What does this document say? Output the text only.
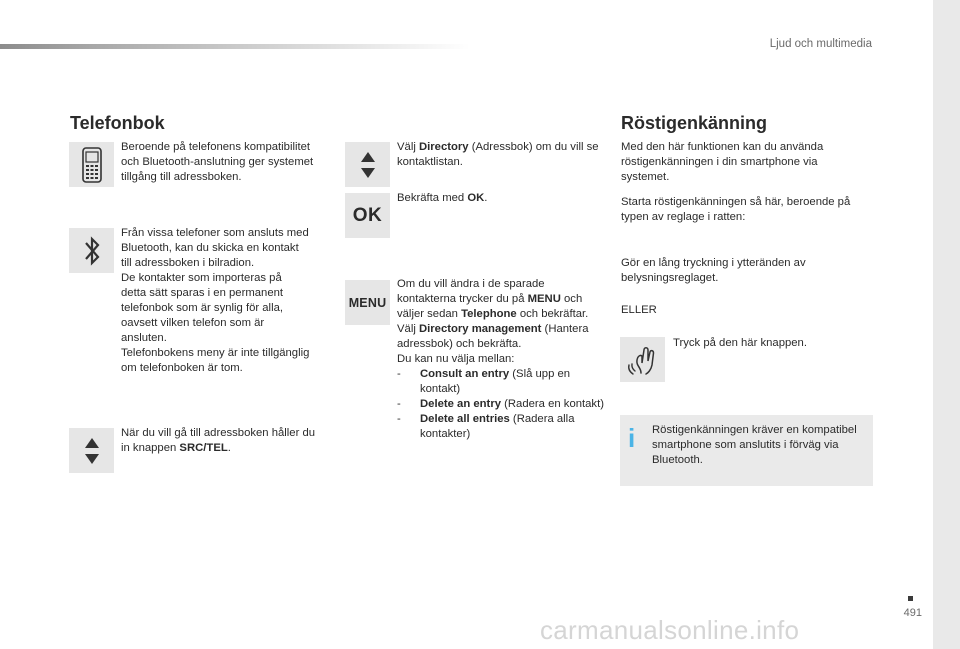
Ljud och multimedia
491
carmanualsonline.info
Telefonbok
Beroende på telefonens kompatibilitet och Bluetooth-anslutning ger systemet tillgång till adressboken.
Från vissa telefoner som ansluts med
Bluetooth, kan du skicka en kontakt
till adressboken i bilradion.
De kontakter som importeras på
detta sätt sparas i en permanent
telefonbok som är synlig för alla,
oavsett vilken telefon som är
ansluten.
Telefonbokens meny är inte tillgänglig
om telefonboken är tom.
När du vill gå till adressboken håller du in knappen SRC/TEL.
Välj Directory (Adressbok) om du vill se kontaktlistan.
OK
Bekräfta med OK.
MENU

Om du vill ändra i de sparade kontakterna trycker du på MENU och väljer sedan Telephone och bekräftar.

Välj Directory management (Hantera adressbok) och bekräfta.

Du kan nu välja mellan:

-	Consult an entry (Slå upp en kontakt)
-	Delete an entry (Radera en kontakt)
-	Delete all entries (Radera alla kontakter)
Röstigenkänning
Med den här funktionen kan du använda röstigenkänningen i din smartphone via systemet.
Starta röstigenkänningen så här, beroende på typen av reglage i ratten:
Gör en lång tryckning i ytteränden av belysningsreglaget.
ELLER
Tryck på den här knappen.
i Röstigenkänningen kräver en kompatibel smartphone som anslutits i förväg via Bluetooth.
